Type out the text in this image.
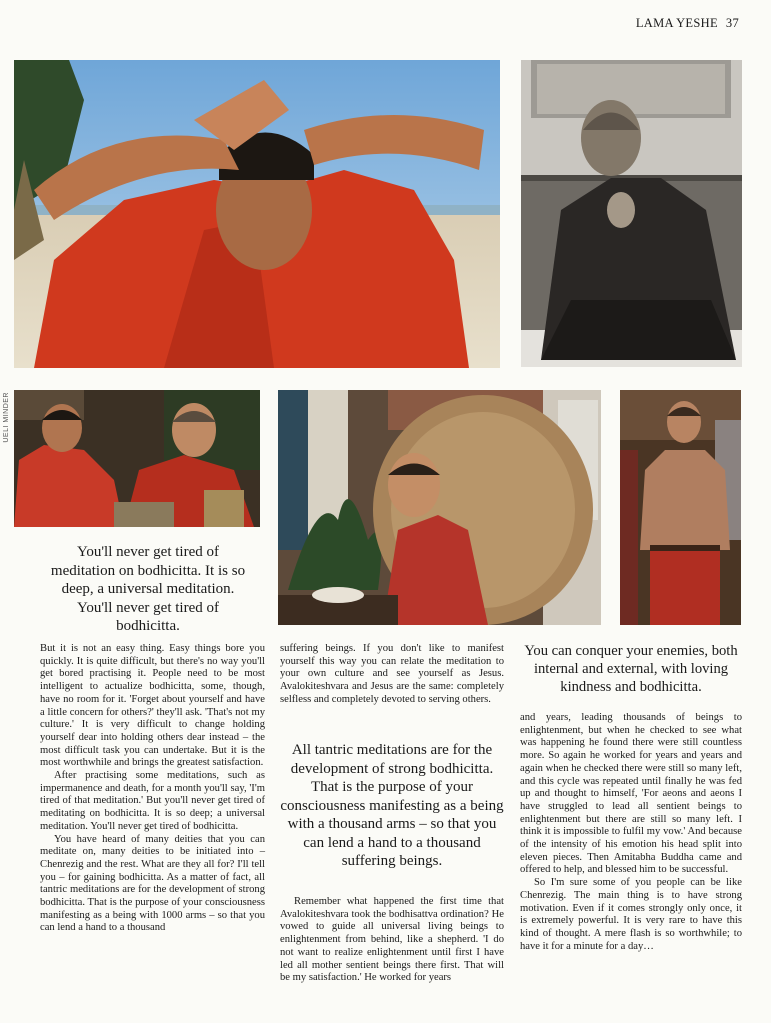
LAMA YESHE 37
UELI MINDER

You'll never get tired of meditation on bodhicitta. It is so deep, a universal meditation. You'll never get tired of bodhicitta.

You can conquer your enemies, both internal and external, with loving kindness and bodhicitta.

But it is not an easy thing. Easy things bore you quickly. It is quite difficult, but there's no way you'll get bored practising it. People need to be most intelligent to actualize bodhicitta, some, though, have no room for it. 'Forget about yourself and have a little concern for others?' they'll ask. 'That's not my culture.' It is very difficult to change holding yourself dear into holding others dear instead – the most difficult task you can undertake. But it is the most worthwhile and brings the greatest satisfaction.

After practising some meditations, such as impermanence and death, for a month you'll say, 'I'm tired of that meditation.' But you'll never get tired of meditating on bodhicitta. It is so deep; a universal meditation. You'll never get tired of bodhicitta.

You have heard of many deities that you can meditate on, many deities to be initiated into – Chenrezig and the rest. What are they all for? I'll tell you – for gaining bodhicitta. As a matter of fact, all tantric meditations are for the development of strong bodhicitta. That is the purpose of your consciousness manifesting as a being with 1000 arms – so that you can lend a hand to a thousand

suffering beings. If you don't like to manifest yourself this way you can relate the meditation to your own culture and see yourself as Jesus. Avalokiteshvara and Jesus are the same: completely selfless and completely devoted to serving others.

All tantric meditations are for the development of strong bodhicitta. That is the purpose of your consciousness manifesting as a being with a thousand arms – so that you can lend a hand to a thousand suffering beings.

Remember what happened the first time that Avalokiteshvara took the bodhisattva ordination? He vowed to guide all universal living beings to enlightenment from behind, like a shepherd. 'I do not want to realize enlightenment until first I have led all mother sentient beings there first. That will be my satisfaction.' He worked for years

and years, leading thousands of beings to enlightenment, but when he checked to see what was happening he found there were still countless more. So again he worked for years and years and again when he checked there were still so many left, and this cycle was repeated until finally he was fed up and thought to himself, 'For aeons and aeons I have struggled to lead all sentient beings to enlightenment but there are still so many left. I think it is impossible to fulfil my vow.' And because of the intensity of his emotion his head split into eleven pieces. Then Amitabha Buddha came and offered to help, and blessed him to be successful.

So I'm sure some of you people can be like Chenrezig. The main thing is to have strong motivation. Even if it comes strongly only once, it is extremely powerful. It is very rare to have this kind of thought. A mere flash is so worthwhile; to have it for a minute for a day…
